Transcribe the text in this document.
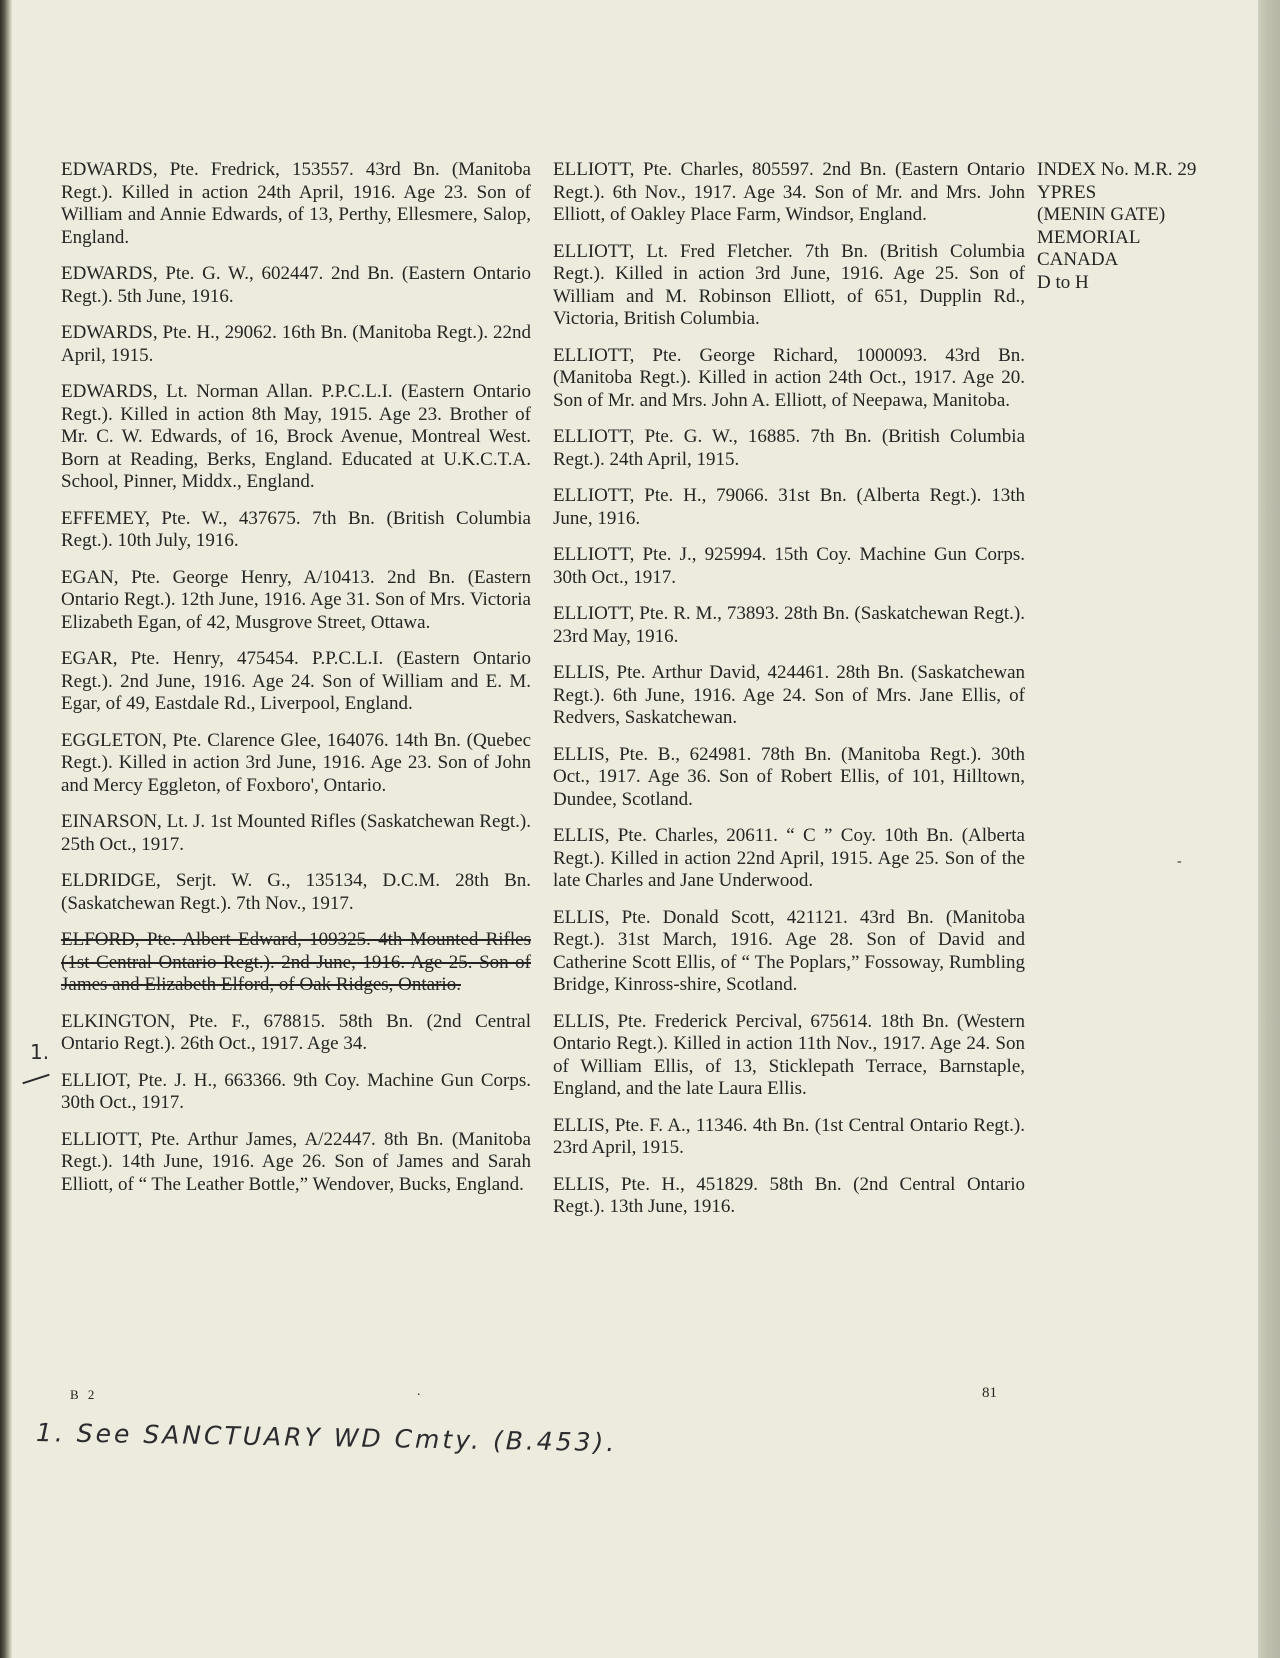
EDWARDS, Pte. Fredrick, 153557. 43rd Bn. (Manitoba Regt.). Killed in action 24th April, 1916. Age 23. Son of William and Annie Edwards, of 13, Perthy, Ellesmere, Salop, England.

EDWARDS, Pte. G. W., 602447. 2nd Bn. (Eastern Ontario Regt.). 5th June, 1916.

EDWARDS, Pte. H., 29062. 16th Bn. (Manitoba Regt.). 22nd April, 1915.

EDWARDS, Lt. Norman Allan. P.P.C.L.I. (Eastern Ontario Regt.). Killed in action 8th May, 1915. Age 23. Brother of Mr. C. W. Edwards, of 16, Brock Avenue, Montreal West. Born at Reading, Berks, England. Educated at U.K.C.T.A. School, Pinner, Middx., England.

EFFEMEY, Pte. W., 437675. 7th Bn. (British Columbia Regt.). 10th July, 1916.

EGAN, Pte. George Henry, A/10413. 2nd Bn. (Eastern Ontario Regt.). 12th June, 1916. Age 31. Son of Mrs. Victoria Elizabeth Egan, of 42, Musgrove Street, Ottawa.

EGAR, Pte. Henry, 475454. P.P.C.L.I. (Eastern Ontario Regt.). 2nd June, 1916. Age 24. Son of William and E. M. Egar, of 49, Eastdale Rd., Liverpool, England.

EGGLETON, Pte. Clarence Glee, 164076. 14th Bn. (Quebec Regt.). Killed in action 3rd June, 1916. Age 23. Son of John and Mercy Eggleton, of Foxboro', Ontario.

EINARSON, Lt. J. 1st Mounted Rifles (Saskatchewan Regt.). 25th Oct., 1917.

ELDRIDGE, Serjt. W. G., 135134, D.C.M. 28th Bn. (Saskatchewan Regt.). 7th Nov., 1917.

ELFORD, Pte. Albert Edward, 109325. 4th Mounted Rifles (1st Central Ontario Regt.). 2nd June, 1916. Age 25. Son of James and Elizabeth Elford, of Oak Ridges, Ontario.

ELKINGTON, Pte. F., 678815. 58th Bn. (2nd Central Ontario Regt.). 26th Oct., 1917. Age 34.

ELLIOT, Pte. J. H., 663366. 9th Coy. Machine Gun Corps. 30th Oct., 1917.

ELLIOTT, Pte. Arthur James, A/22447. 8th Bn. (Manitoba Regt.). 14th June, 1916. Age 26. Son of James and Sarah Elliott, of “ The Leather Bottle,” Wendover, Bucks, England.

ELLIOTT, Pte. Charles, 805597. 2nd Bn. (Eastern Ontario Regt.). 6th Nov., 1917. Age 34. Son of Mr. and Mrs. John Elliott, of Oakley Place Farm, Windsor, England.

ELLIOTT, Lt. Fred Fletcher. 7th Bn. (British Columbia Regt.). Killed in action 3rd June, 1916. Age 25. Son of William and M. Robinson Elliott, of 651, Dupplin Rd., Victoria, British Columbia.

ELLIOTT, Pte. George Richard, 1000093. 43rd Bn. (Manitoba Regt.). Killed in action 24th Oct., 1917. Age 20. Son of Mr. and Mrs. John A. Elliott, of Neepawa, Manitoba.

ELLIOTT, Pte. G. W., 16885. 7th Bn. (British Columbia Regt.). 24th April, 1915.

ELLIOTT, Pte. H., 79066. 31st Bn. (Alberta Regt.). 13th June, 1916.

ELLIOTT, Pte. J., 925994. 15th Coy. Machine Gun Corps. 30th Oct., 1917.

ELLIOTT, Pte. R. M., 73893. 28th Bn. (Saskatchewan Regt.). 23rd May, 1916.

ELLIS, Pte. Arthur David, 424461. 28th Bn. (Saskatchewan Regt.). 6th June, 1916. Age 24. Son of Mrs. Jane Ellis, of Redvers, Saskatchewan.

ELLIS, Pte. B., 624981. 78th Bn. (Manitoba Regt.). 30th Oct., 1917. Age 36. Son of Robert Ellis, of 101, Hilltown, Dundee, Scotland.

ELLIS, Pte. Charles, 20611. “ C ” Coy. 10th Bn. (Alberta Regt.). Killed in action 22nd April, 1915. Age 25. Son of the late Charles and Jane Underwood.

ELLIS, Pte. Donald Scott, 421121. 43rd Bn. (Manitoba Regt.). 31st March, 1916. Age 28. Son of David and Catherine Scott Ellis, of “ The Poplars,” Fossoway, Rumbling Bridge, Kinross-shire, Scotland.

ELLIS, Pte. Frederick Percival, 675614. 18th Bn. (Western Ontario Regt.). Killed in action 11th Nov., 1917. Age 24. Son of William Ellis, of 13, Sticklepath Terrace, Barnstaple, England, and the late Laura Ellis.

ELLIS, Pte. F. A., 11346. 4th Bn. (1st Central Ontario Regt.). 23rd April, 1915.

ELLIS, Pte. H., 451829. 58th Bn. (2nd Central Ontario Regt.). 13th June, 1916.

INDEX No. M.R. 29
YPRES
(MENIN GATE)
MEMORIAL
CANADA
D to H
B 2	.	81
-
1.
1. See SANCTUARY WD Cmty. (B.453).
